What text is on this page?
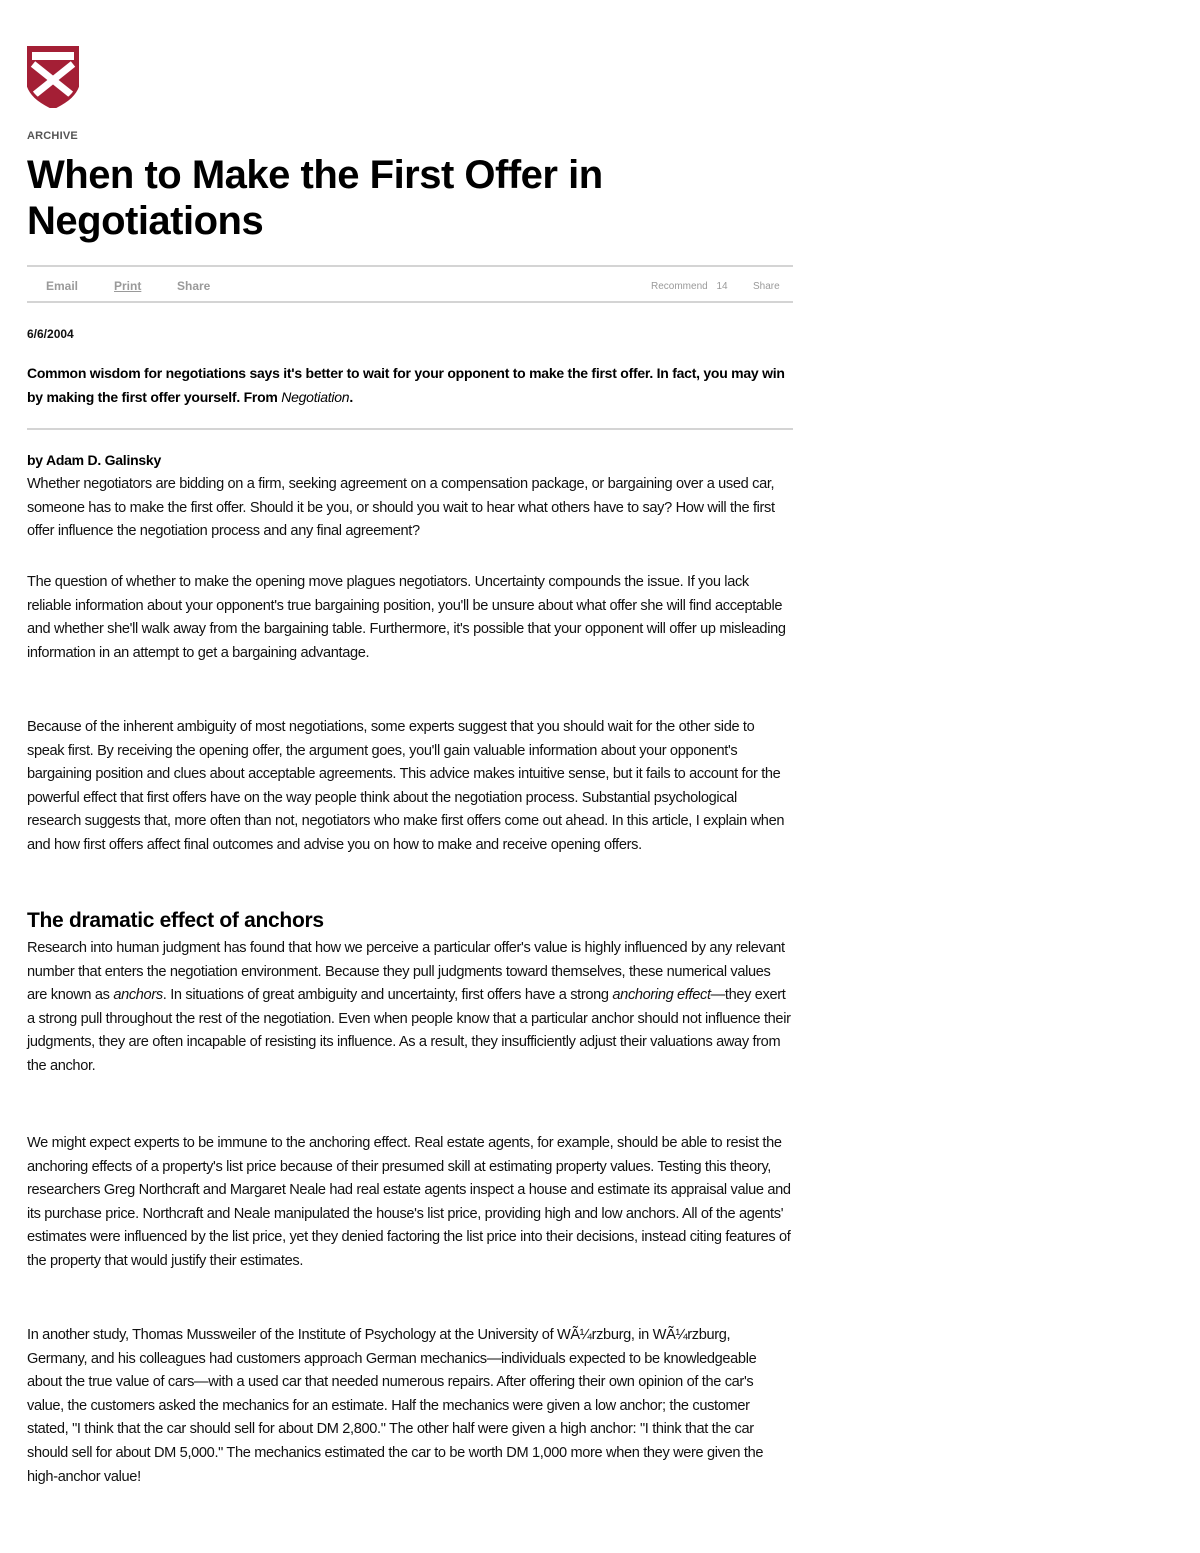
ARCHIVE
When to Make the First Offer in Negotiations
Email	Print	Share	Recommend 14	Share
6/6/2004

Common wisdom for negotiations says it's better to wait for your opponent to make the first offer. In fact, you may win by making the first offer yourself. From Negotiation.

by Adam D. Galinsky

Whether negotiators are bidding on a firm, seeking agreement on a compensation package, or bargaining over a used car, someone has to make the first offer. Should it be you, or should you wait to hear what others have to say? How will the first offer influence the negotiation process and any final agreement?

The question of whether to make the opening move plagues negotiators. Uncertainty compounds the issue. If you lack reliable information about your opponent's true bargaining position, you'll be unsure about what offer she will find acceptable and whether she'll walk away from the bargaining table. Furthermore, it's possible that your opponent will offer up misleading information in an attempt to get a bargaining advantage.

Because of the inherent ambiguity of most negotiations, some experts suggest that you should wait for the other side to speak first. By receiving the opening offer, the argument goes, you'll gain valuable information about your opponent's bargaining position and clues about acceptable agreements. This advice makes intuitive sense, but it fails to account for the powerful effect that first offers have on the way people think about the negotiation process. Substantial psychological research suggests that, more often than not, negotiators who make first offers come out ahead. In this article, I explain when and how first offers affect final outcomes and advise you on how to make and receive opening offers.

The dramatic effect of anchors

Research into human judgment has found that how we perceive a particular offer's value is highly influenced by any relevant number that enters the negotiation environment. Because they pull judgments toward themselves, these numerical values are known as anchors. In situations of great ambiguity and uncertainty, first offers have a strong anchoring effect—they exert a strong pull throughout the rest of the negotiation. Even when people know that a particular anchor should not influence their judgments, they are often incapable of resisting its influence. As a result, they insufficiently adjust their valuations away from the anchor.

We might expect experts to be immune to the anchoring effect. Real estate agents, for example, should be able to resist the anchoring effects of a property's list price because of their presumed skill at estimating property values. Testing this theory, researchers Greg Northcraft and Margaret Neale had real estate agents inspect a house and estimate its appraisal value and its purchase price. Northcraft and Neale manipulated the house's list price, providing high and low anchors. All of the agents' estimates were influenced by the list price, yet they denied factoring the list price into their decisions, instead citing features of the property that would justify their estimates.

In another study, Thomas Mussweiler of the Institute of Psychology at the University of WÃ¼rzburg, in WÃ¼rzburg, Germany, and his colleagues had customers approach German mechanics—individuals expected to be knowledgeable about the true value of cars—with a used car that needed numerous repairs. After offering their own opinion of the car's value, the customers asked the mechanics for an estimate. Half the mechanics were given a low anchor; the customer stated, "I think that the car should sell for about DM 2,800." The other half were given a high anchor: "I think that the car should sell for about DM 5,000." The mechanics estimated the car to be worth DM 1,000 more when they were given the high-anchor value!
